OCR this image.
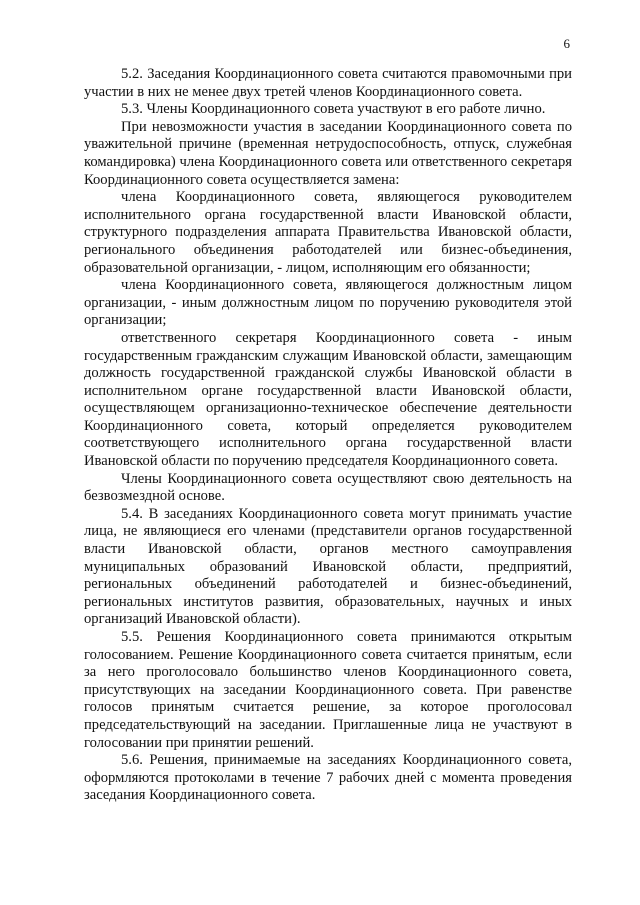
6

5.2. Заседания Координационного совета считаются правомочными при участии в них не менее двух третей членов Координационного совета.

5.3. Члены Координационного совета участвуют в его работе лично.

При невозможности участия в заседании Координационного совета по уважительной причине (временная нетрудоспособность, отпуск, служебная командировка) члена Координационного совета или ответственного секретаря Координационного совета осуществляется замена:

члена Координационного совета, являющегося руководителем исполнительного органа государственной власти Ивановской области, структурного подразделения аппарата Правительства Ивановской области, регионального объединения работодателей или бизнес-объединения, образовательной организации, - лицом, исполняющим его обязанности;

члена Координационного совета, являющегося должностным лицом организации, - иным должностным лицом по поручению руководителя этой организации;

ответственного секретаря Координационного совета - иным государственным гражданским служащим Ивановской области, замещающим должность государственной гражданской службы Ивановской области в исполнительном органе государственной власти Ивановской области, осуществляющем организационно-техническое обеспечение деятельности Координационного совета, который определяется руководителем соответствующего исполнительного органа государственной власти Ивановской области по поручению председателя Координационного совета.

Члены Координационного совета осуществляют свою деятельность на безвозмездной основе.

5.4. В заседаниях Координационного совета могут принимать участие лица, не являющиеся его членами (представители органов государственной власти Ивановской области, органов местного самоуправления муниципальных образований Ивановской области, предприятий, региональных объединений работодателей и бизнес-объединений, региональных институтов развития, образовательных, научных и иных организаций Ивановской области).

5.5. Решения Координационного совета принимаются открытым голосованием. Решение Координационного совета считается принятым, если за него проголосовало большинство членов Координационного совета, присутствующих на заседании Координационного совета. При равенстве голосов принятым считается решение, за которое проголосовал председательствующий на заседании. Приглашенные лица не участвуют в голосовании при принятии решений.

5.6. Решения, принимаемые на заседаниях Координационного совета, оформляются протоколами в течение 7 рабочих дней с момента проведения заседания Координационного совета.
